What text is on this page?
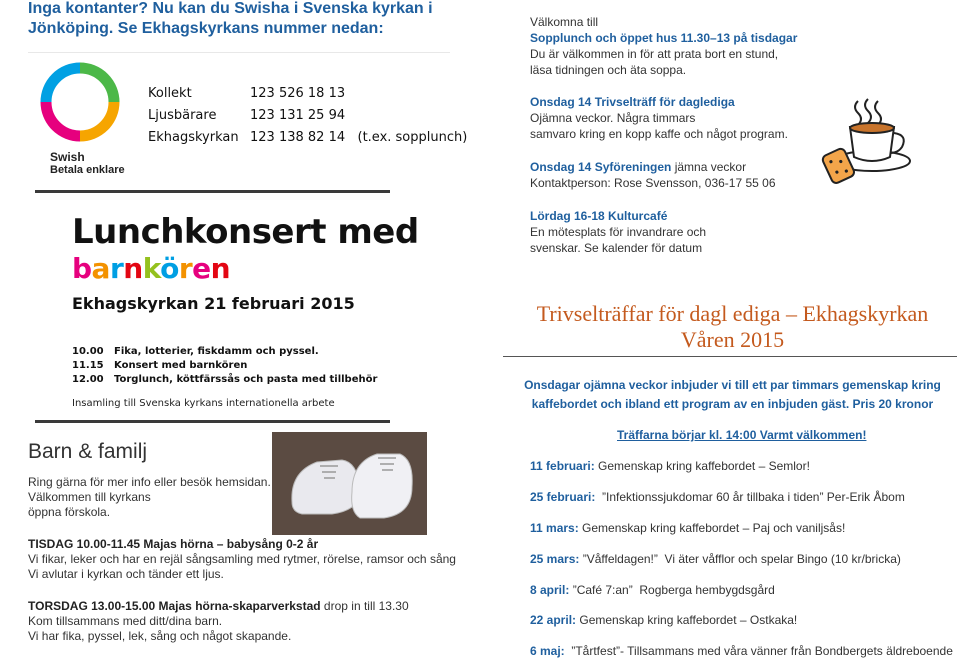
Inga kontanter? Nu kan du Swisha i Svenska kyrkan i
Jönköping. Se Ekhagskyrkans nummer nedan:
Swish
Betala enklare
Kollekt	123 526 18 13
Ljusbärare	123 131 25 94
Ekhagskyrkan 123 138 82 14   (t.ex. sopplunch)
Lunchkonsert med
barnkören
Ekhagskyrkan 21 februari 2015
10.00 Fika, lotterier, fiskdamm och pyssel.
11.15 Konsert med barnkören
12.00 Torglunch, köttfärssås och pasta med tillbehör
Insamling till Svenska kyrkans internationella arbete
Barn & familj
Ring gärna för mer info eller besök hemsidan.
Välkommen till kyrkans
öppna förskola.
TISDAG 10.00-11.45 Majas hörna – babysång 0-2 år
Vi fikar, leker och har en rejäl sångsamling med rytmer, rörelse, ramsor och sång
Vi avlutar i kyrkan och tänder ett ljus.
TORSDAG 13.00-15.00 Majas hörna-skaparverkstad drop in till 13.30
Kom tillsammans med ditt/dina barn.
Vi har fika, pyssel, lek, sång och något skapande.
Välkomna till
Sopplunch och öppet hus 11.30–13 på tisdagar
Du är välkommen in för att prata bort en stund,
läsa tidningen och äta soppa.
Onsdag 14 Trivselträff för daglediga
Ojämna veckor. Några timmars
samvaro kring en kopp kaffe och något program.
Onsdag 14 Syföreningen jämna veckor
Kontaktperson: Rose Svensson, 036-17 55 06
Lördag 16-18 Kulturcafé
En mötesplats för invandrare och
svenskar. Se kalender för datum
Trivselträffar för dagl ediga – Ekhagskyrkan
Våren 2015
Onsdagar ojämna veckor inbjuder vi till ett par timmars gemenskap kring
kaffebordet och ibland ett program av en inbjuden gäst. Pris 20 kronor
Träffarna börjar kl. 14:00 Varmt välkommen!
11 februari: Gemenskap kring kaffebordet – Semlor!
25 februari:  ”Infektionssjukdomar 60 år tillbaka i tiden” Per-Erik Åbom
11 mars: Gemenskap kring kaffebordet – Paj och vaniljsås!
25 mars: ”Våffeldagen!”  Vi äter våfflor och spelar Bingo (10 kr/bricka)
8 april: ”Café 7:an”  Rogberga hembygdsgård
22 april: Gemenskap kring kaffebordet – Ostkaka!
6 maj:  ”Tårtfest”- Tillsammans med våra vänner från Bondbergets äldreboende
